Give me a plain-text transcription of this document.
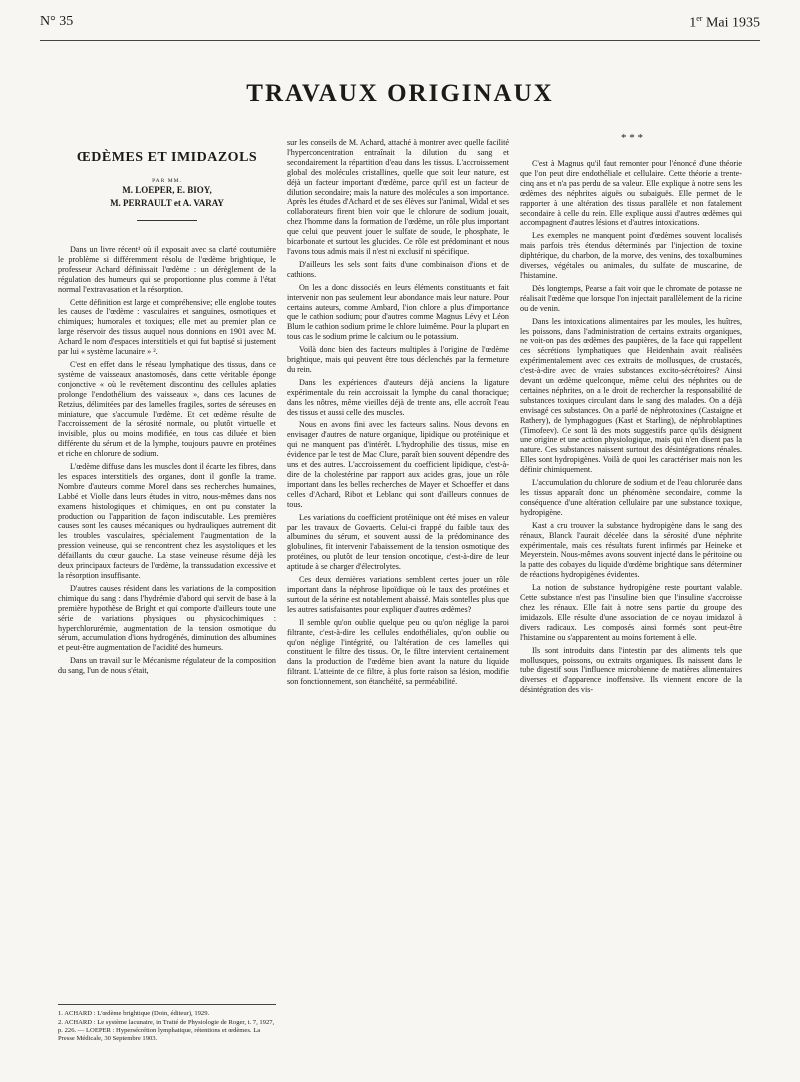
N° 35	1er Mai 1935
TRAVAUX ORIGINAUX
ŒDÈMES ET IMIDAZOLS
PAR MM.
M. LOEPER, E. BIOY,
M. PERRAULT et A. VARAY

Dans un livre récent¹ où il exposait avec sa clarté coutumière le problème si différemment résolu de l'œdème brightique, le professeur Achard définissait l'œdème : un dérèglement de la régulation des humeurs qui se proportionne plus comme à l'état normal l'extravasation et la résorption.

Cette définition est large et compréhensive; elle englobe toutes les causes de l'œdème : vasculaires et sanguines, osmotiques et chimiques; humorales et toxiques; elle met au premier plan ce large réservoir des tissus auquel nous donnions en 1901 avec M. Achard le nom d'espaces interstitiels et qui fut baptisé si justement par lui « système lacunaire » ².

C'est en effet dans le réseau lymphatique des tissus, dans ce système de vaisseaux anastomosés, dans cette véritable éponge conjonctive « où le revêtement discontinu des cellules aplaties prolonge l'endothélium des vaisseaux », dans ces lacunes de Retzius, délimitées par des lamelles fragiles, sortes de séreuses en miniature, que s'accumule l'œdème. Et cet œdème résulte de l'accroissement de la sérosité normale, ou plutôt virtuelle et invisible, plus ou moins modifiée, en tous cas diluée et bien différente du sérum et de la lymphe, toujours pauvre en protéines et riche en chlorure de sodium.

L'œdème diffuse dans les muscles dont il écarte les fibres, dans les espaces interstitiels des organes, dont il gonfle la trame. Nombre d'auteurs comme Morel dans ses recherches humaines, Labbé et Violle dans leurs études in vitro, nous-mêmes dans nos examens histologiques et chimiques, en ont pu constater la production ou l'apparition de façon indiscutable. Les premières causes sont les causes mécaniques ou hydrauliques autrement dit les troubles vasculaires, spécialement l'augmentation de la pression veineuse, qui se rencontrent chez les asystoliques et les défaillants du cœur gauche. La stase veineuse résume déjà les deux principaux facteurs de l'œdème, la transsudation excessive et la résorption insuffisante.

D'autres causes résident dans les variations de la composition chimique du sang : dans l'hydrémie d'abord qui servit de base à la première hypothèse de Bright et qui comporte d'ailleurs toute une série de variations physiques ou physicochimiques : hyperchlorurémie, augmentation de la tension osmotique du sérum, accumulation d'ions hydrogénés, diminution des albumines et peut-être augmentation de l'acidité des humeurs.

Dans un travail sur le Mécanisme régulateur de la composition du sang, l'un de nous s'était,

sur les conseils de M. Achard, attaché à montrer avec quelle facilité l'hyperconcentration entraînait la dilution du sang et secondairement la répartition d'eau dans les tissus. L'accroissement global des molécules cristallines, quelle que soit leur nature, est déjà un facteur important d'œdème, parce qu'il est un facteur de dilution secondaire; mais la nature des molécules a son importance. Après les études d'Achard et de ses élèves sur l'animal, Widal et ses collaborateurs firent bien voir que le chlorure de sodium jouait, chez l'homme dans la formation de l'œdème, un rôle plus important que celui que peuvent jouer le sulfate de soude, le phosphate, le bicarbonate et surtout les glucides. Ce rôle est prédominant et nous l'avons tous admis mais il n'est ni exclusif ni spécifique.

D'ailleurs les sels sont faits d'une combinaison d'ions et de cathions.

On les a donc dissociés en leurs éléments constituants et fait intervenir non pas seulement leur abondance mais leur nature. Pour certains auteurs, comme Ambard, l'ion chlore a plus d'importance que le cathion sodium; pour d'autres comme Magnus Lévy et Léon Blum le cathion sodium prime le chlore luimême. Pour la plupart en tous cas le sodium prime le calcium ou le potassium.

Voilà donc bien des facteurs multiples à l'origine de l'œdème brightique, mais qui peuvent être tous déclenchés par la fermeture du rein.

Dans les expériences d'auteurs déjà anciens la ligature expérimentale du rein accroissait la lymphe du canal thoracique; dans les nôtres, même vieilles déjà de trente ans, elle accroît l'eau des tissus et aussi celle des muscles.

Nous en avons fini avec les facteurs salins. Nous devons en envisager d'autres de nature organique, lipidique ou protéinique et qui ne manquent pas d'intérêt. L'hydrophilie des tissus, mise en évidence par le test de Mac Clure, paraît bien souvent dépendre des uns et des autres. L'accroissement du coefficient lipidique, c'est-à-dire de la cholestérine par rapport aux acides gras, joue un rôle important dans les belles recherches de Mayer et Schoeffer et dans celles d'Achard, Ribot et Leblanc qui sont d'ailleurs connues de tous.

Les variations du coefficient protéinique ont été mises en valeur par les travaux de Govaerts. Celui-ci frappé du faible taux des albumines du sérum, et souvent aussi de la prédominance des globulines, fit intervenir l'abaissement de la tension osmotique des protéines, ou plutôt de leur tension oncotique, c'est-à-dire de leur aptitude à se charger d'électrolytes.

Ces deux dernières variations semblent certes jouer un rôle important dans la néphrose lipoïdique où le taux des protéines et surtout de la sérine est notablement abaissé. Mais sontelles plus que les autres satisfaisantes pour expliquer d'autres œdèmes?

Il semble qu'on oublie quelque peu ou qu'on néglige la paroi filtrante, c'est-à-dire les cellules endothéliales, qu'on oublie ou qu'on néglige l'intégrité, ou l'altération de ces lamelles qui constituent le filtre des tissus. Or, le filtre intervient certainement dans la production de l'œdème bien avant la nature du liquide filtrant. L'atteinte de ce filtre, à plus forte raison sa lésion, modifie son fonctionnement, son étanchéité, sa perméabilité.

* * *

C'est à Magnus qu'il faut remonter pour l'énoncé d'une théorie que l'on peut dire endothéliale et cellulaire. Cette théorie a trente-cinq ans et n'a pas perdu de sa valeur. Elle explique à notre sens les œdèmes des néphrites aiguës ou subaiguës. Elle permet de le rapporter à une altération des tissus parallèle et non fatalement secondaire à celle du rein. Elle explique aussi d'autres œdèmes qui accompagnent d'autres lésions et d'autres intoxications.

Les exemples ne manquent point d'œdèmes souvent localisés mais parfois très étendus déterminés par l'injection de toxine diphtérique, du charbon, de la morve, des venins, des toxalbumines diverses, végétales ou animales, du sulfate de muscarine, de l'histamine.

Dès longtemps, Pearse a fait voir que le chromate de potasse ne réalisait l'œdème que lorsque l'on injectait parallèlement de la ricine ou de venin.

Dans les intoxications alimentaires par les moules, les huîtres, les poissons, dans l'administration de certains extraits organiques, ne voit-on pas des œdèmes des paupières, de la face qui rappellent ces sécrétions lymphatiques que Heidenhain avait réalisées expérimentalement avec ces extraits de mollusques, de crustacés, c'est-à-dire avec de vraies substances excito-sécrétoires? Ainsi devant un œdème quelconque, même celui des néphrites ou de certaines néphrites, on a le droit de rechercher la responsabilité de substances toxiques circulant dans le sang des malades. On a déjà envisagé ces substances. On a parlé de néphrotoxines (Castaigne et Rathery), de lymphagogues (Kast et Starling), de néphroblaptines (Timofeev). Ce sont là des mots suggestifs parce qu'ils désignent une origine et une action physiologique, mais qui n'en disent pas la nature. Ces substances naissent surtout des désintégrations rénales. Elles sont hydropigènes. Voilà de quoi les caractériser mais non les définir chimiquement.

L'accumulation du chlorure de sodium et de l'eau chlorurée dans les tissus apparaît donc un phénomène secondaire, comme la conséquence d'une altération cellulaire par une substance toxique, hydropigène.

Kast a cru trouver la substance hydropigène dans le sang des rénaux, Blanck l'aurait décelée dans la sérosité d'une néphrite expérimentale, mais ces résultats furent infirmés par Heineke et Meyerstein. Nous-mêmes avons souvent injecté dans le péritoine ou la patte des cobayes du liquide d'œdème brightique sans déterminer de réactions hydropigènes évidentes.

La notion de substance hydropigène reste pourtant valable. Cette substance n'est pas l'insuline bien que l'insuline s'accroisse chez les rénaux. Elle fait à notre sens partie du groupe des imidazols. Elle résulte d'une association de ce noyau imidazol à divers radicaux. Les composés ainsi formés sont peut-être l'histamine ou s'apparentent au moins fortement à elle.

Ils sont introduits dans l'intestin par des aliments tels que mollusques, poissons, ou extraits organiques. Ils naissent dans le tube digestif sous l'influence microbienne de matières alimentaires diverses et d'apparence inoffensive. Ils viennent encore de la désintégration des vis-

1. ACHARD : L'œdème brightique (Doin, éditeur), 1929.
2. ACHARD : Le système lacunaire, in Traité de Physiologie de Roger, t. 7, 1927, p. 226. — LOEPER : Hypersécrétion lymphatique, rétentions et œdèmes. La Presse Médicale, 30 Septembre 1903.
